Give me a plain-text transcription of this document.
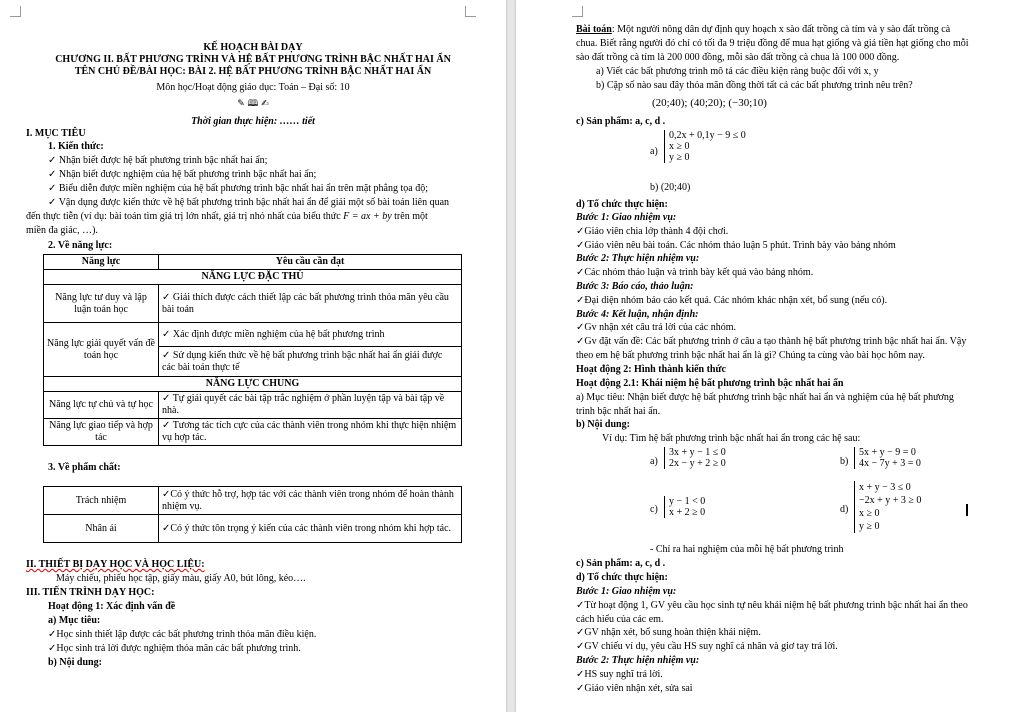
KẾ HOẠCH BÀI DẠY
CHƯƠNG II. BẤT PHƯƠNG TRÌNH VÀ HỆ BẤT PHƯƠNG TRÌNH BẬC NHẤT HAI ẨN
TÊN CHỦ ĐỀ/BÀI HỌC: BÀI 2. HỆ BẤT PHƯƠNG TRÌNH BẬC NHẤT HAI ẨN
Môn học/Hoạt động giáo dục: Toán – Đại số: 10
✎ 🕮 ✍
Thời gian thực hiện: …… tiết
I. MỤC TIÊU
1. Kiến thức:
✓ Nhận biết được hệ bất phương trình bậc nhất hai ẩn;
✓ Nhận biết được nghiệm của hệ bất phương trình bậc nhất hai ẩn;
✓ Biểu diễn được miền nghiệm của hệ bất phương trình bậc nhất hai ẩn trên mặt phẳng tọa độ;
✓ Vận dụng được kiến thức về hệ bất phương trình bậc nhất hai ẩn để giải một số bài toán liên quan
đến thực tiễn (ví dụ: bài toán tìm giá trị lớn nhất, giá trị nhỏ nhất của biểu thức F = ax + by trên một
miền đa giác, …).
2. Về năng lực:
Năng lực	Yêu cầu cần đạt
NĂNG LỰC ĐẶC THÙ	
Năng lực tư duy và lập luận toán học	✓ Giải thích được cách thiết lập các bất phương trình thỏa mãn yêu cầu bài toán
Năng lực giải quyết vấn đề toán học	✓ Xác định được miền nghiệm của hệ bất phương trình
	✓ Sử dụng kiến thức về hệ bất phương trình bậc nhất hai ẩn giải được các bài toán thực tế
NĂNG LỰC CHUNG	
Năng lực tự chủ và tự học	✓ Tự giải quyết các bài tập trắc nghiệm ở phần luyện tập và bài tập về nhà.
Năng lực giao tiếp và hợp tác	✓ Tương tác tích cực của các thành viên trong nhóm khi thực hiện nhiệm vụ hợp tác.
3. Về phẩm chất:
Trách nhiệm	✓Có ý thức hỗ trợ, hợp tác với các thành viên trong nhóm để hoàn thành nhiệm vụ.
Nhân ái	✓Có ý thức tôn trọng ý kiến của các thành viên trong nhóm khi hợp tác.
II. THIẾT BỊ DẠY HỌC VÀ HỌC LIỆU:
Máy chiếu, phiếu học tập, giấy màu, giấy A0, bút lông, kéo….
III. TIẾN TRÌNH DẠY HỌC:
Hoạt động 1: Xác định vấn đề
a) Mục tiêu:
✓Học sinh thiết lập được các bất phương trình thỏa mãn điều kiện.
✓Học sinh trả lời được nghiệm thỏa mãn các bất phương trình.
b) Nội dung:
Bài toán: Một người nông dân dự định quy hoạch x sào đất trồng cà tím và y sào đất trồng cà
chua. Biết rằng người đó chỉ có tối đa 9 triệu đồng để mua hạt giống và giá tiền hạt giống cho mỗi
sào đất trồng cà tím là 200 000 đồng, mỗi sào đất trồng cà chua là 100 000 đồng.
a) Viết các bất phương trình mô tả các điều kiện ràng buộc đối với x, y
b) Cặp số nào sau đây thỏa mãn đồng thời tất cả các bất phương trình nêu trên?
(20;40); (40;20); (−30;10)
c) Sản phẩm: a, c, d .
a)
0,2x + 0,1y − 9 ≤ 0
x ≥ 0
y ≥ 0
b) (20;40)
d) Tổ chức thực hiện:
Bước 1: Giao nhiệm vụ:
✓Giáo viên chia lớp thành 4 đội chơi.
✓Giáo viên nêu bài toán. Các nhóm thảo luận 5 phút. Trình bày vào bảng nhóm
Bước 2: Thực hiện nhiệm vụ:
✓Các nhóm thảo luận và trình bày kết quả vào bảng nhóm.
Bước 3: Báo cáo, thảo luận:
✓Đại diện nhóm báo cáo kết quả. Các nhóm khác nhận xét, bổ sung (nếu có).
Bước 4: Kết luận, nhận định:
✓Gv nhận xét câu trả lời của các nhóm.
✓Gv đặt vấn đề: Các bất phương trình ở câu a tạo thành hệ bất phương trình bậc nhất hai ẩn. Vậy
theo em hệ bất phương trình bậc nhất hai ẩn là gì? Chúng ta cùng vào bài học hôm nay.
Hoạt động 2: Hình thành kiến thức
Hoạt động 2.1: Khái niệm hệ bất phương trình bậc nhất hai ẩn
a) Mục tiêu: Nhận biết được hệ bất phương trình bậc nhất hai ẩn và nghiệm của hệ bất phương
trình bậc nhất hai ẩn.
b) Nội dung:
Ví dụ: Tìm hệ bất phương trình bậc nhất hai ẩn trong các hệ sau:
a)
3x + y − 1 ≤ 0
2x − y + 2 ≥ 0	b)
5x + y − 9 = 0
4x − 7y + 3 = 0
c)
y − 1 < 0
x + 2 ≥ 0	d)
x + y − 3 ≤ 0
−2x + y + 3 ≥ 0
x ≥ 0
y ≥ 0
- Chỉ ra hai nghiệm của mỗi hệ bất phương trình
c) Sản phẩm: a, c, d .
d) Tổ chức thực hiện:
Bước 1: Giao nhiệm vụ:
✓Từ hoạt động 1, GV yêu cầu học sinh tự nêu khái niệm hệ bất phương trình bậc nhất hai ẩn theo
cách hiểu của các em.
✓GV nhận xét, bổ sung hoàn thiện khái niệm.
✓GV chiếu ví dụ, yêu cầu HS suy nghĩ cá nhân và giơ tay trả lời.
Bước 2: Thực hiện nhiệm vụ:
✓HS suy nghĩ trả lời.
✓Giáo viên nhận xét, sửa sai
